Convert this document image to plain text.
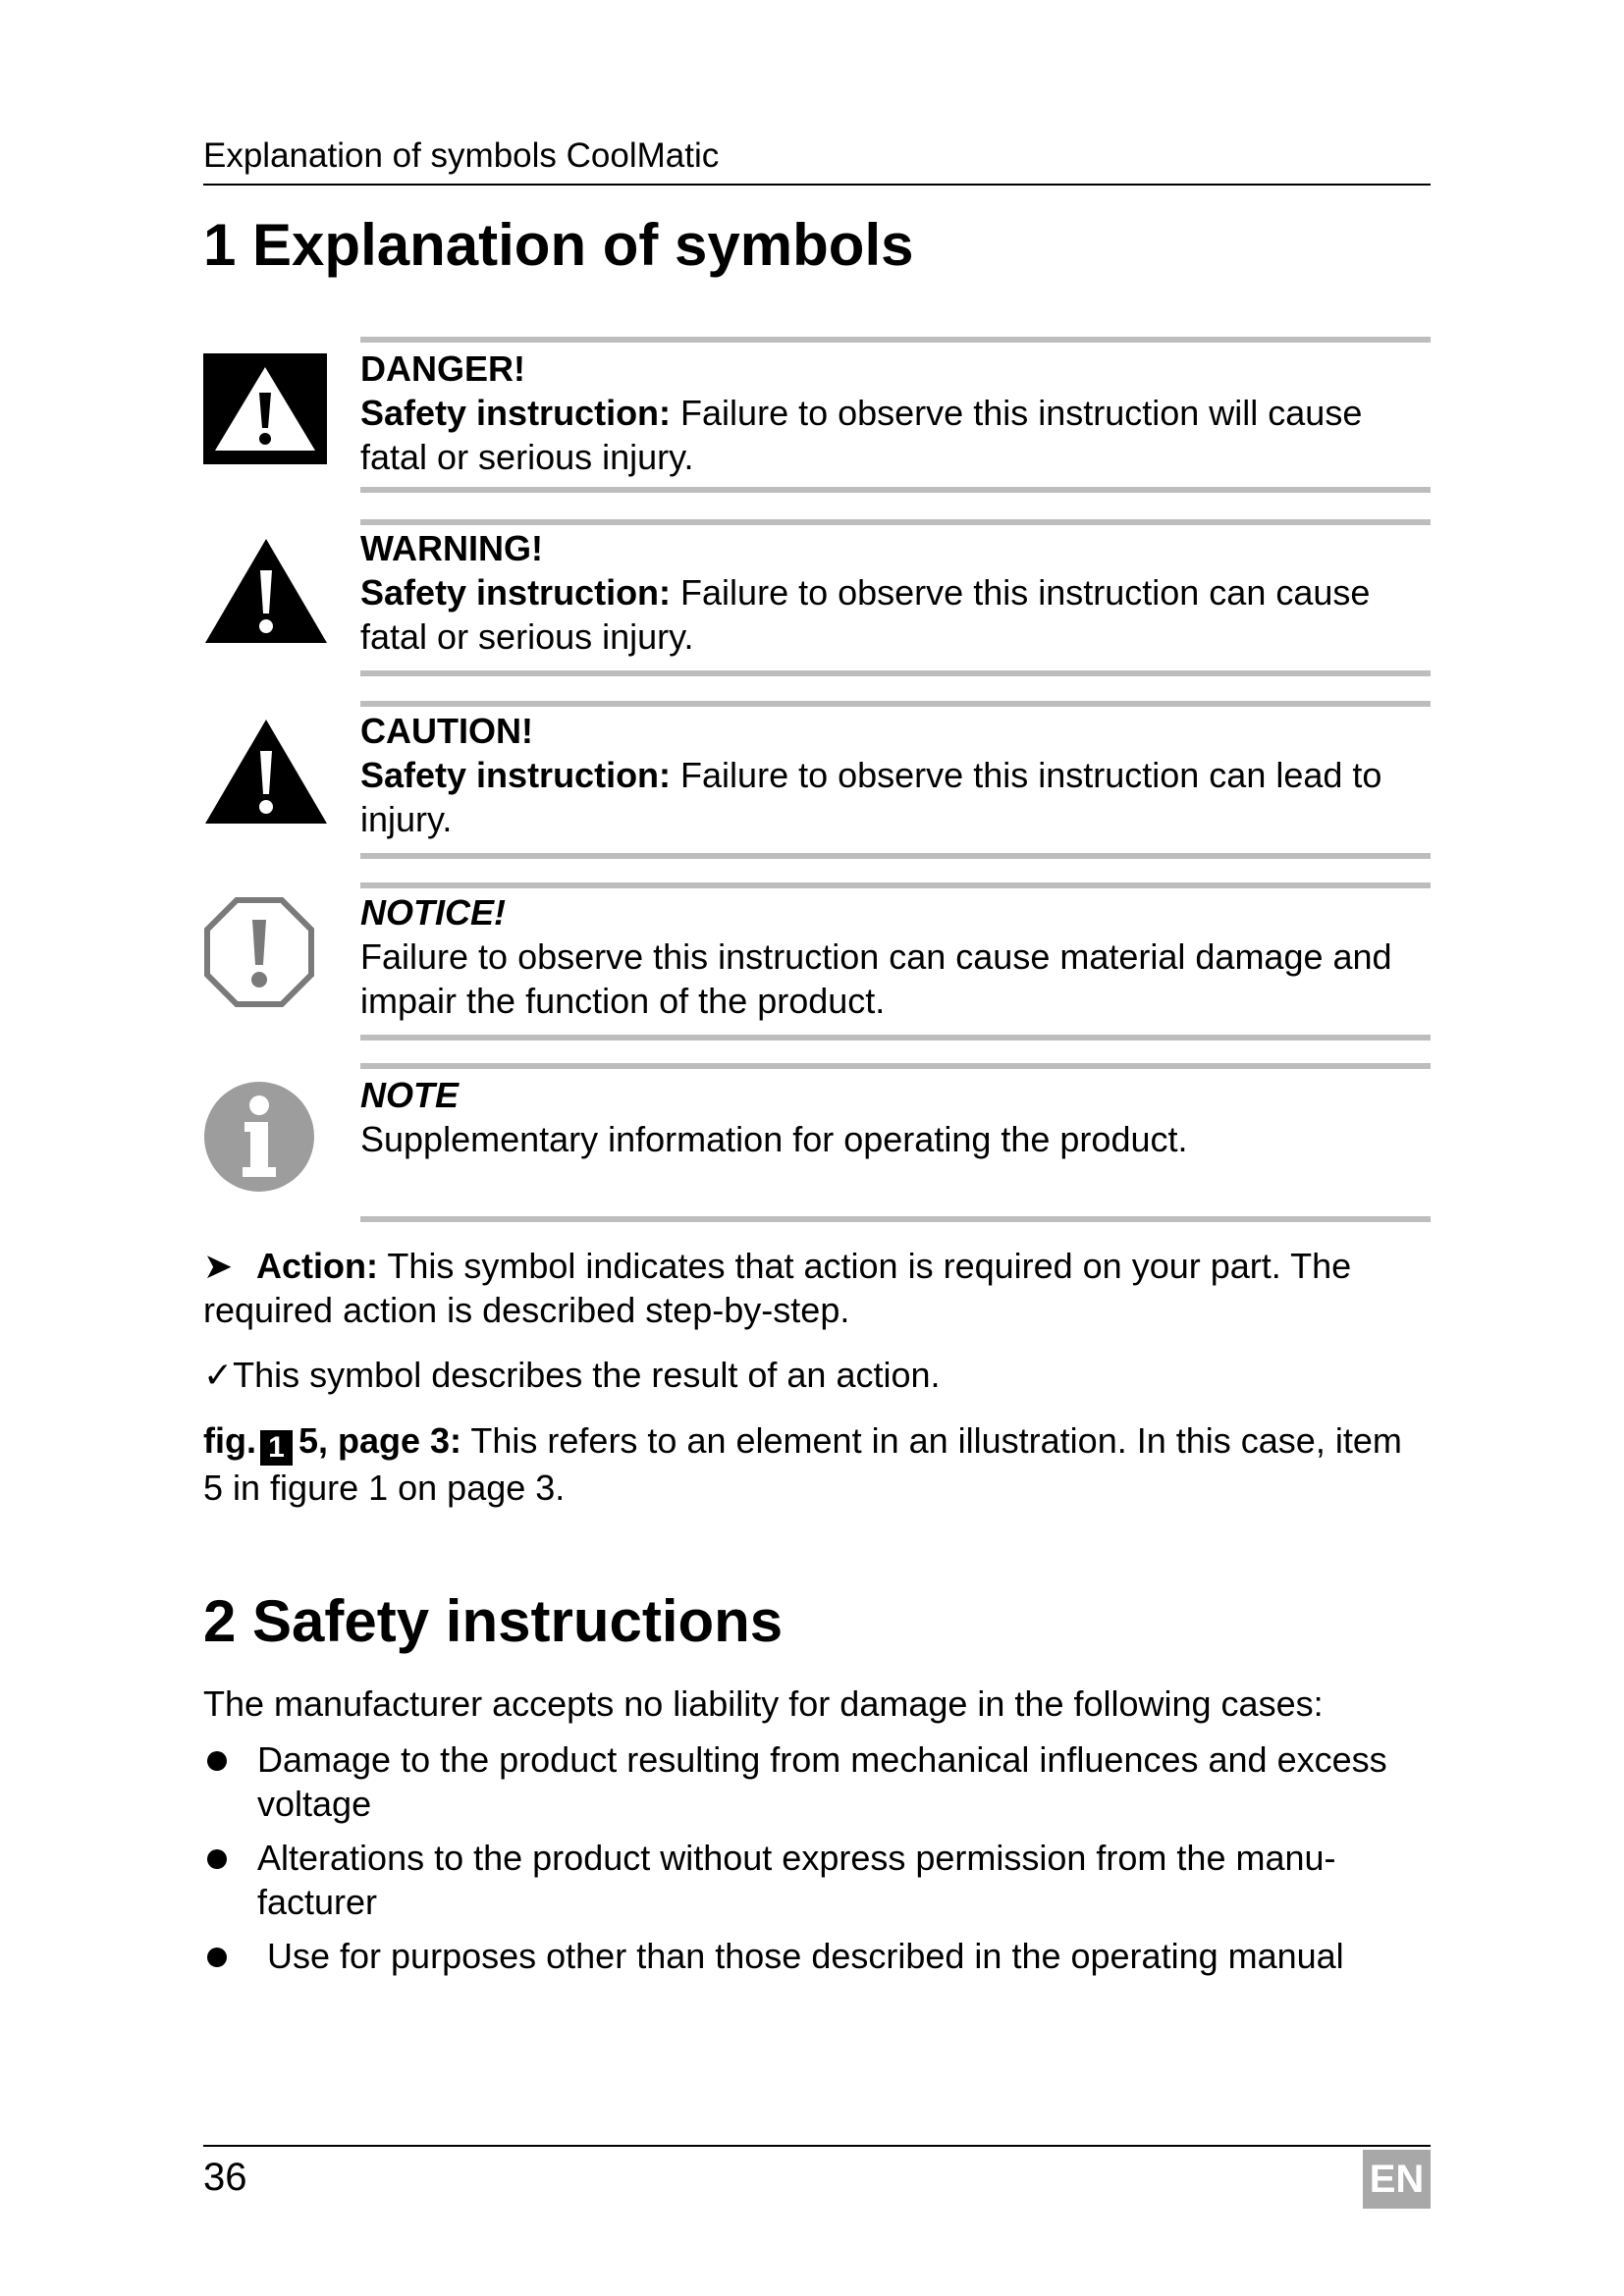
Explanation of symbols CoolMatic
1 Explanation of symbols
DANGER!
Safety instruction: Failure to observe this instruction will cause fatal or serious injury.
WARNING!
Safety instruction: Failure to observe this instruction can cause fatal or serious injury.
CAUTION!
Safety instruction: Failure to observe this instruction can lead to injury.
NOTICE!
Failure to observe this instruction can cause material damage and impair the function of the product.
NOTE
Supplementary information for operating the product.
➤ Action: This symbol indicates that action is required on your part. The required action is described step-by-step.
✓This symbol describes the result of an action.
fig. 1 5, page 3: This refers to an element in an illustration. In this case, item 5 in figure 1 on page 3.
2 Safety instructions
The manufacturer accepts no liability for damage in the following cases:
Damage to the product resulting from mechanical influences and excess voltage
Alterations to the product without express permission from the manu-facturer
Use for purposes other than those described in the operating manual
36	EN
